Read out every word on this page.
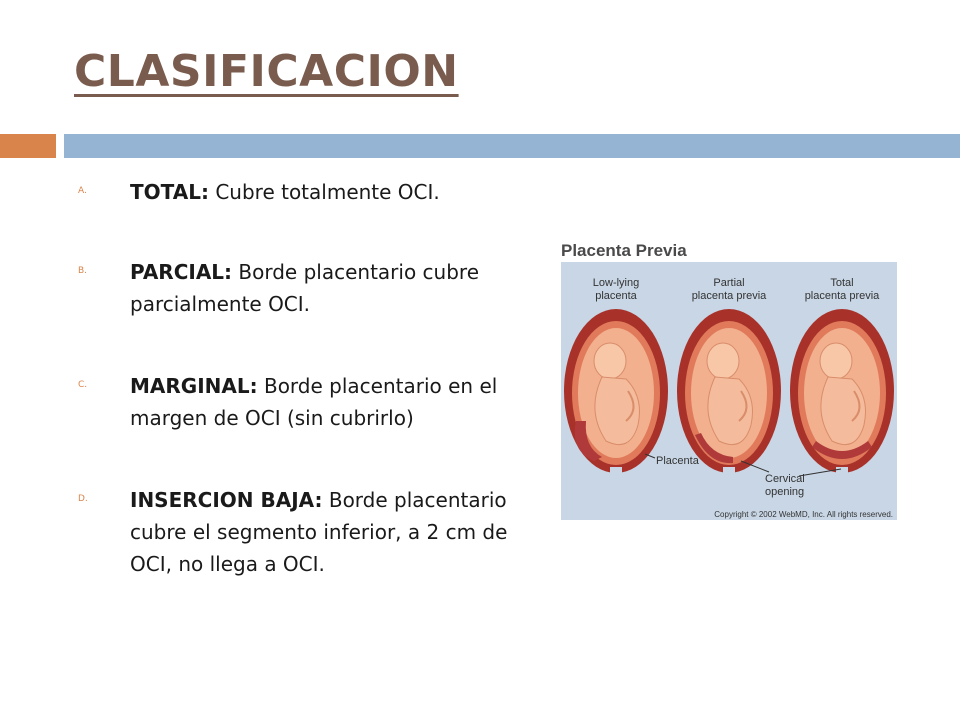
CLASIFICACION
A.	TOTAL: Cubre totalmente OCI.
B.	PARCIAL: Borde placentario cubre parcialmente OCI.
C.	MARGINAL: Borde placentario en el margen de OCI (sin cubrirlo)
D.	INSERCION BAJA: Borde placentario cubre el segmento inferior, a 2 cm de OCI, no llega a OCI.
Placenta Previa
Low-lying
placenta
Partial
placenta previa
Total
placenta previa
Placenta
Cervical
opening
Copyright © 2002 WebMD, Inc. All rights reserved.
